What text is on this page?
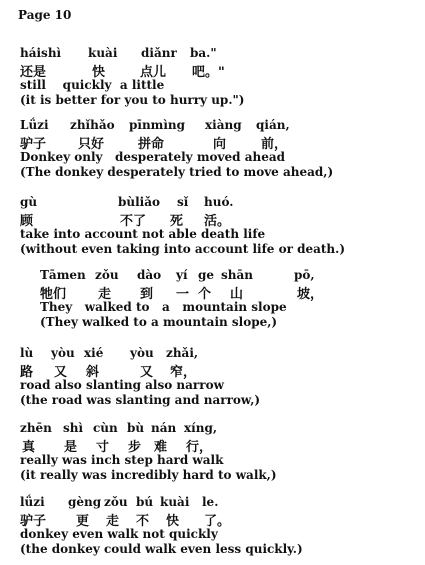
Page 10
háishì kuài diǎnr ba."
还是	快	点儿 吧。"
still    quickly  a little
(it is better for you to hurry up.")
Lǘzi zhǐhǎo pīnmìng xiàng qián,
驴子 只好	拼命	向	前，
Donkey only   desperately moved ahead
(The donkey desperately tried to move ahead,)
gù	bùliǎo sǐ huó.
顾	不了 死 活。
take into account not able death life
(without even taking into account life or death.)
Tāmen zǒu dào yí ge shān	pō,
牠们 走 到 一 个 山	坡，
They   walked to   a   mountain slope
(They walked to a mountain slope,)
lù yòu xié yòu zhǎi,
路 又 斜	又 窄，
road also slanting also narrow
(the road was slanting and narrow,)
zhēn shì cùn bù nán xíng,
真 是 寸 步 难 行，
really was inch step hard walk
(it really was incredibly hard to walk,)
lǘzi gèng zǒu bú kuài le.
驴子 更 走 不 快 了。
donkey even walk not quickly
(the donkey could walk even less quickly.)
